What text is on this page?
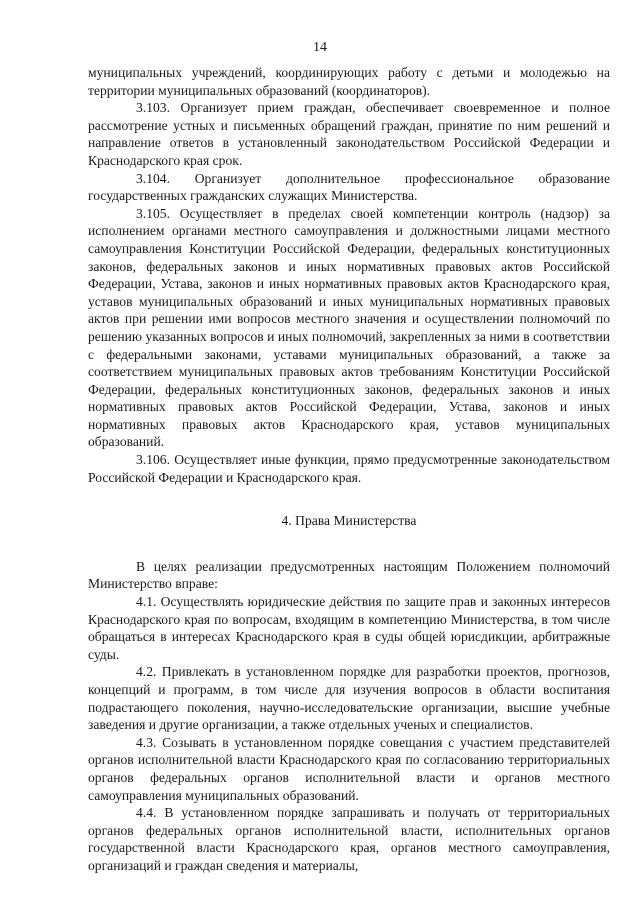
14

муниципальных учреждений, координирующих работу с детьми и молодежью на территории муниципальных образований (координаторов).

3.103. Организует прием граждан, обеспечивает своевременное и полное рассмотрение устных и письменных обращений граждан, принятие по ним решений и направление ответов в установленный законодательством Российской Федерации и Краснодарского края срок.

3.104. Организует дополнительное профессиональное образование государственных гражданских служащих Министерства.

3.105. Осуществляет в пределах своей компетенции контроль (надзор) за исполнением органами местного самоуправления и должностными лицами местного самоуправления Конституции Российской Федерации, федеральных конституционных законов, федеральных законов и иных нормативных правовых актов Российской Федерации, Устава, законов и иных нормативных правовых актов Краснодарского края, уставов муниципальных образований и иных муниципальных нормативных правовых актов при решении ими вопросов местного значения и осуществлении полномочий по решению указанных вопросов и иных полномочий, закрепленных за ними в соответствии с федеральными законами, уставами муниципальных образований, а также за соответствием муниципальных правовых актов требованиям Конституции Российской Федерации, федеральных конституционных законов, федеральных законов и иных нормативных правовых актов Российской Федерации, Устава, законов и иных нормативных правовых актов Краснодарского края, уставов муниципальных образований.

3.106. Осуществляет иные функции, прямо предусмотренные законодательством Российской Федерации и Краснодарского края.

4. Права Министерства

В целях реализации предусмотренных настоящим Положением полномочий Министерство вправе:

4.1. Осуществлять юридические действия по защите прав и законных интересов Краснодарского края по вопросам, входящим в компетенцию Министерства, в том числе обращаться в интересах Краснодарского края в суды общей юрисдикции, арбитражные суды.

4.2. Привлекать в установленном порядке для разработки проектов, прогнозов, концепций и программ, в том числе для изучения вопросов в области воспитания подрастающего поколения, научно-исследовательские организации, высшие учебные заведения и другие организации, а также отдельных ученых и специалистов.

4.3. Созывать в установленном порядке совещания с участием представителей органов исполнительной власти Краснодарского края по согласованию территориальных органов федеральных органов исполнительной власти и органов местного самоуправления муниципальных образований.

4.4. В установленном порядке запрашивать и получать от территориальных органов федеральных органов исполнительной власти, исполнительных органов государственной власти Краснодарского края, органов местного самоуправления, организаций и граждан сведения и материалы,
